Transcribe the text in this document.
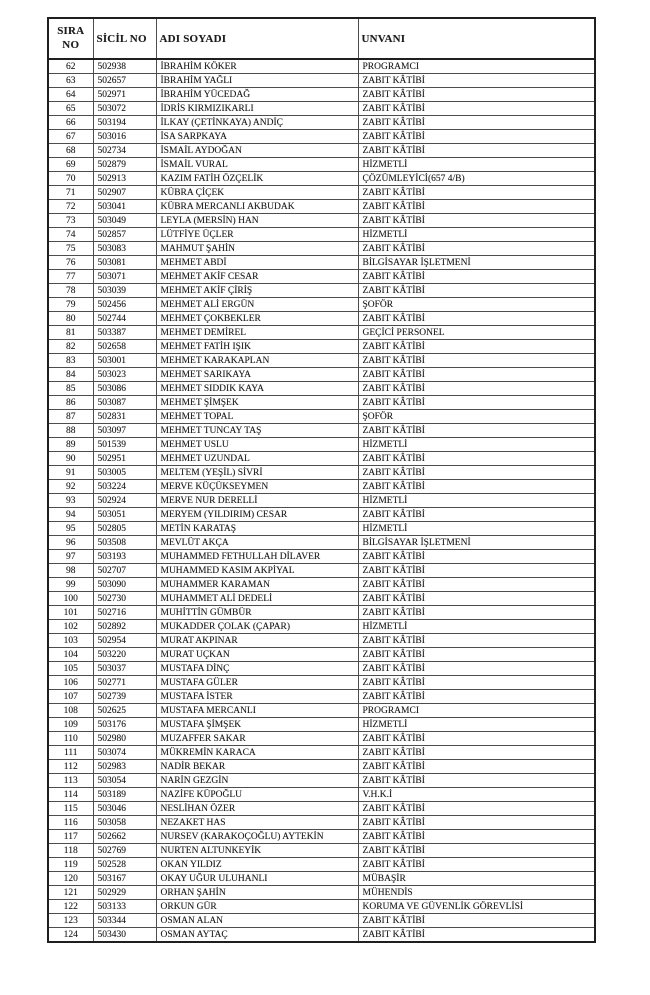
SIRA NO	SİCİL NO	ADI SOYADI	UNVANI
62	502938	İBRAHİM KÖKER	PROGRAMCI
63	502657	İBRAHİM YAĞLI	ZABIT KÂTİBİ
64	502971	İBRAHİM YÜCEDAĞ	ZABIT KÂTİBİ
65	503072	İDRİS KIRMIZIKARLI	ZABIT KÂTİBİ
66	503194	İLKAY (ÇETİNKAYA) ANDİÇ	ZABIT KÂTİBİ
67	503016	İSA SARPKAYA	ZABIT KÂTİBİ
68	502734	İSMAİL AYDOĞAN	ZABIT KÂTİBİ
69	502879	İSMAİL VURAL	HİZMETLİ
70	502913	KAZIM FATİH ÖZÇELİK	ÇÖZÜMLEYİCİ(657 4/B)
71	502907	KÜBRA ÇİÇEK	ZABIT KÂTİBİ
72	503041	KÜBRA MERCANLI AKBUDAK	ZABIT KÂTİBİ
73	503049	LEYLA (MERSİN) HAN	ZABIT KÂTİBİ
74	502857	LÜTFİYE ÜÇLER	HİZMETLİ
75	503083	MAHMUT ŞAHİN	ZABIT KÂTİBİ
76	503081	MEHMET ABDİ	BİLGİSAYAR İŞLETMENİ
77	503071	MEHMET AKİF CESAR	ZABIT KÂTİBİ
78	503039	MEHMET AKİF ÇİRİŞ	ZABIT KÂTİBİ
79	502456	MEHMET ALİ ERGÜN	ŞOFÖR
80	502744	MEHMET ÇOKBEKLER	ZABIT KÂTİBİ
81	503387	MEHMET DEMİREL	GEÇİCİ PERSONEL
82	502658	MEHMET FATİH IŞIK	ZABIT KÂTİBİ
83	503001	MEHMET KARAKAPLAN	ZABIT KÂTİBİ
84	503023	MEHMET SARIKAYA	ZABIT KÂTİBİ
85	503086	MEHMET SIDDIK KAYA	ZABIT KÂTİBİ
86	503087	MEHMET ŞİMŞEK	ZABIT KÂTİBİ
87	502831	MEHMET TOPAL	ŞOFÖR
88	503097	MEHMET TUNCAY TAŞ	ZABIT KÂTİBİ
89	501539	MEHMET USLU	HİZMETLİ
90	502951	MEHMET UZUNDAL	ZABIT KÂTİBİ
91	503005	MELTEM (YEŞİL) SİVRİ	ZABIT KÂTİBİ
92	503224	MERVE KÜÇÜKSEYMEN	ZABIT KÂTİBİ
93	502924	MERVE NUR DERELLİ	HİZMETLİ
94	503051	MERYEM (YILDIRIM) CESAR	ZABIT KÂTİBİ
95	502805	METİN KARATAŞ	HİZMETLİ
96	503508	MEVLÜT AKÇA	BİLGİSAYAR İŞLETMENİ
97	503193	MUHAMMED FETHULLAH DİLAVER	ZABIT KÂTİBİ
98	502707	MUHAMMED KASIM AKPİYAL	ZABIT KÂTİBİ
99	503090	MUHAMMER KARAMAN	ZABIT KÂTİBİ
100	502730	MUHAMMET ALİ DEDELİ	ZABIT KÂTİBİ
101	502716	MUHİTTİN GÜMBÜR	ZABIT KÂTİBİ
102	502892	MUKADDER ÇOLAK (ÇAPAR)	HİZMETLİ
103	502954	MURAT AKPINAR	ZABIT KÂTİBİ
104	503220	MURAT UÇKAN	ZABIT KÂTİBİ
105	503037	MUSTAFA DİNÇ	ZABIT KÂTİBİ
106	502771	MUSTAFA GÜLER	ZABIT KÂTİBİ
107	502739	MUSTAFA İSTER	ZABIT KÂTİBİ
108	502625	MUSTAFA MERCANLI	PROGRAMCI
109	503176	MUSTAFA ŞİMŞEK	HİZMETLİ
110	502980	MUZAFFER SAKAR	ZABIT KÂTİBİ
111	503074	MÜKREMİN KARACA	ZABIT KÂTİBİ
112	502983	NADİR BEKAR	ZABIT KÂTİBİ
113	503054	NARİN GEZGİN	ZABIT KÂTİBİ
114	503189	NAZİFE KÜPOĞLU	V.H.K.İ
115	503046	NESLİHAN ÖZER	ZABIT KÂTİBİ
116	503058	NEZAKET HAS	ZABIT KÂTİBİ
117	502662	NURSEV (KARAKOÇOĞLU) AYTEKİN	ZABIT KÂTİBİ
118	502769	NURTEN ALTUNKEYİK	ZABIT KÂTİBİ
119	502528	OKAN YILDIZ	ZABIT KÂTİBİ
120	503167	OKAY UĞUR ULUHANLI	MÜBAŞİR
121	502929	ORHAN ŞAHİN	MÜHENDİS
122	503133	ORKUN GÜR	KORUMA VE GÜVENLİK GÖREVLİSİ
123	503344	OSMAN ALAN	ZABIT KÂTİBİ
124	503430	OSMAN AYTAÇ	ZABIT KÂTİBİ
